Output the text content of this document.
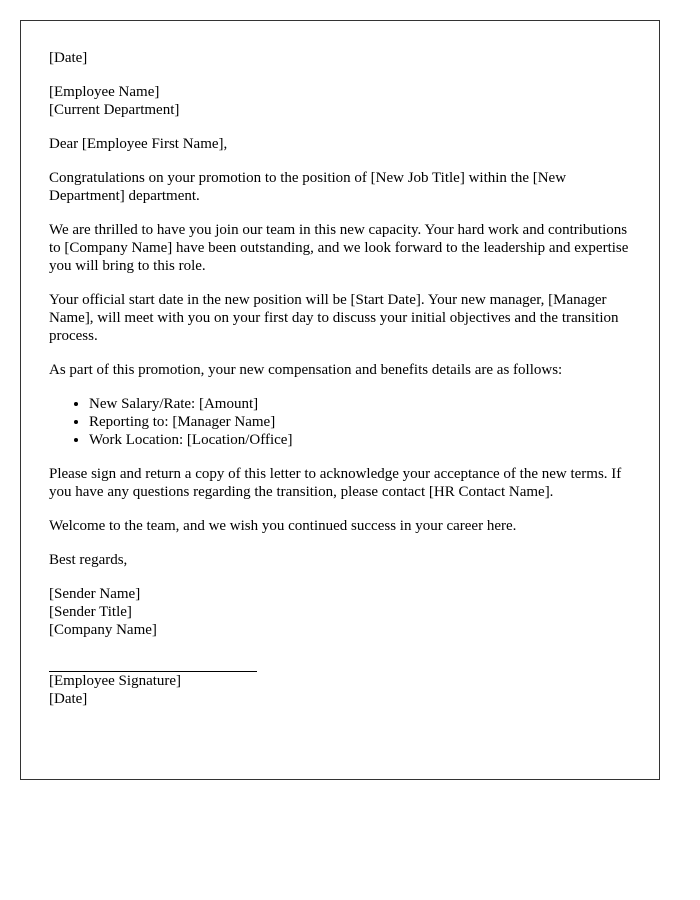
[Date]
[Employee Name]
[Current Department]

Dear [Employee First Name],

Congratulations on your promotion to the position of [New Job Title] within the [New Department] department.

We are thrilled to have you join our team in this new capacity. Your hard work and contributions to [Company Name] have been outstanding, and we look forward to the leadership and expertise you will bring to this role.

Your official start date in the new position will be [Start Date]. Your new manager, [Manager Name], will meet with you on your first day to discuss your initial objectives and the transition process.

As part of this promotion, your new compensation and benefits details are as follows:

• New Salary/Rate: [Amount]
• Reporting to: [Manager Name]
• Work Location: [Location/Office]

Please sign and return a copy of this letter to acknowledge your acceptance of the new terms. If you have any questions regarding the transition, please contact [HR Contact Name].

Welcome to the team, and we wish you continued success in your career here.

Best regards,

[Sender Name]
[Sender Title]
[Company Name]
[Employee Signature]
[Date]
